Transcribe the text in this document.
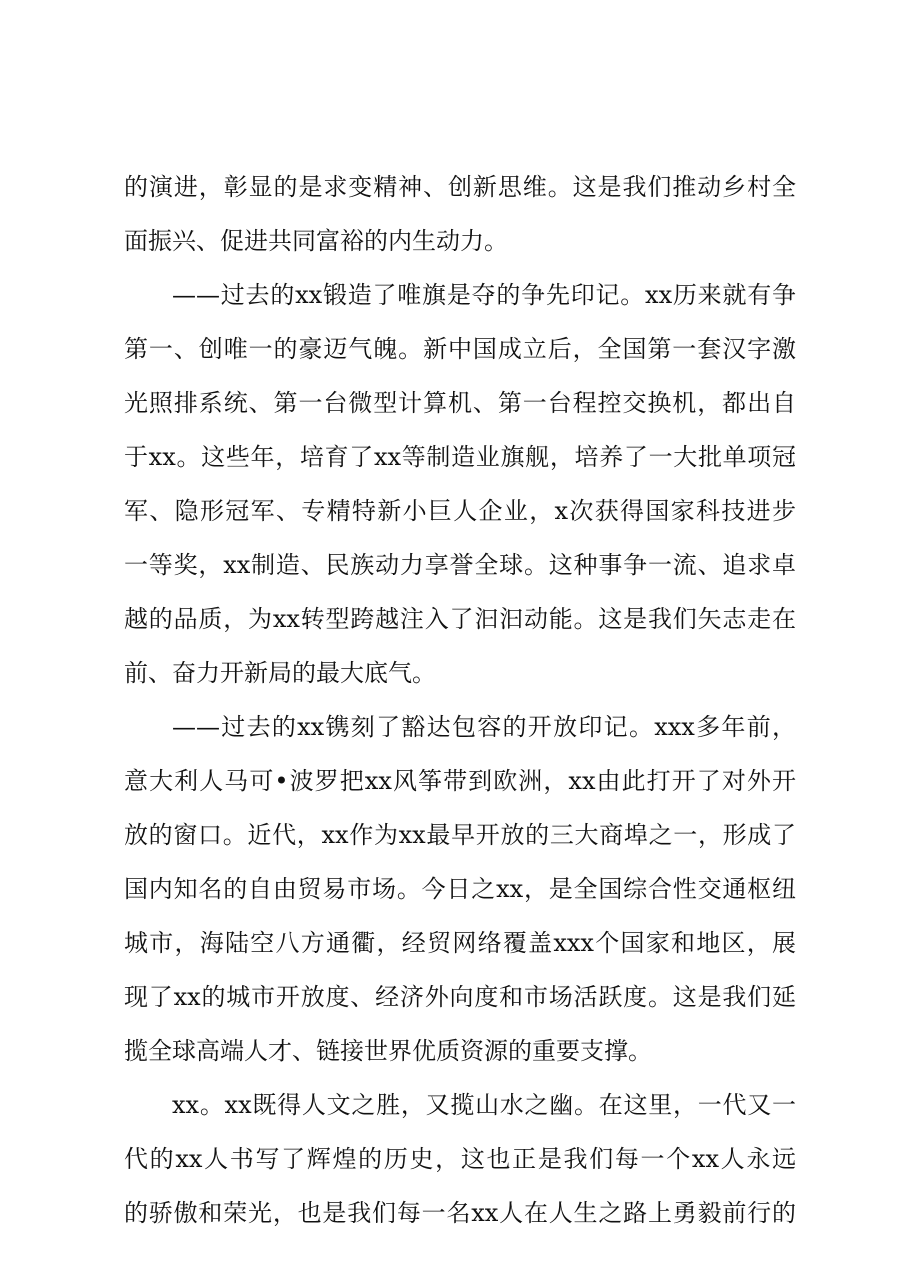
的演进，彰显的是求变精神、创新思维。这是我们推动乡村全
面振兴、促进共同富裕的内生动力。
——过去的xx锻造了唯旗是夺的争先印记。xx历来就有争
第一、创唯一的豪迈气魄。新中国成立后，全国第一套汉字激
光照排系统、第一台微型计算机、第一台程控交换机，都出自
于xx。这些年，培育了xx等制造业旗舰，培养了一大批单项冠
军、隐形冠军、专精特新小巨人企业，x次获得国家科技进步
一等奖，xx制造、民族动力享誉全球。这种事争一流、追求卓
越的品质，为xx转型跨越注入了汩汩动能。这是我们矢志走在
前、奋力开新局的最大底气。
——过去的xx镌刻了豁达包容的开放印记。xxx多年前，
意大利人马可•波罗把xx风筝带到欧洲，xx由此打开了对外开
放的窗口。近代，xx作为xx最早开放的三大商埠之一，形成了
国内知名的自由贸易市场。今日之xx，是全国综合性交通枢纽
城市，海陆空八方通衢，经贸网络覆盖xxx个国家和地区，展
现了xx的城市开放度、经济外向度和市场活跃度。这是我们延
揽全球高端人才、链接世界优质资源的重要支撑。
xx。xx既得人文之胜，又揽山水之幽。在这里，一代又一
代的xx人书写了辉煌的历史，这也正是我们每一个xx人永远
的骄傲和荣光，也是我们每一名xx人在人生之路上勇毅前行的
